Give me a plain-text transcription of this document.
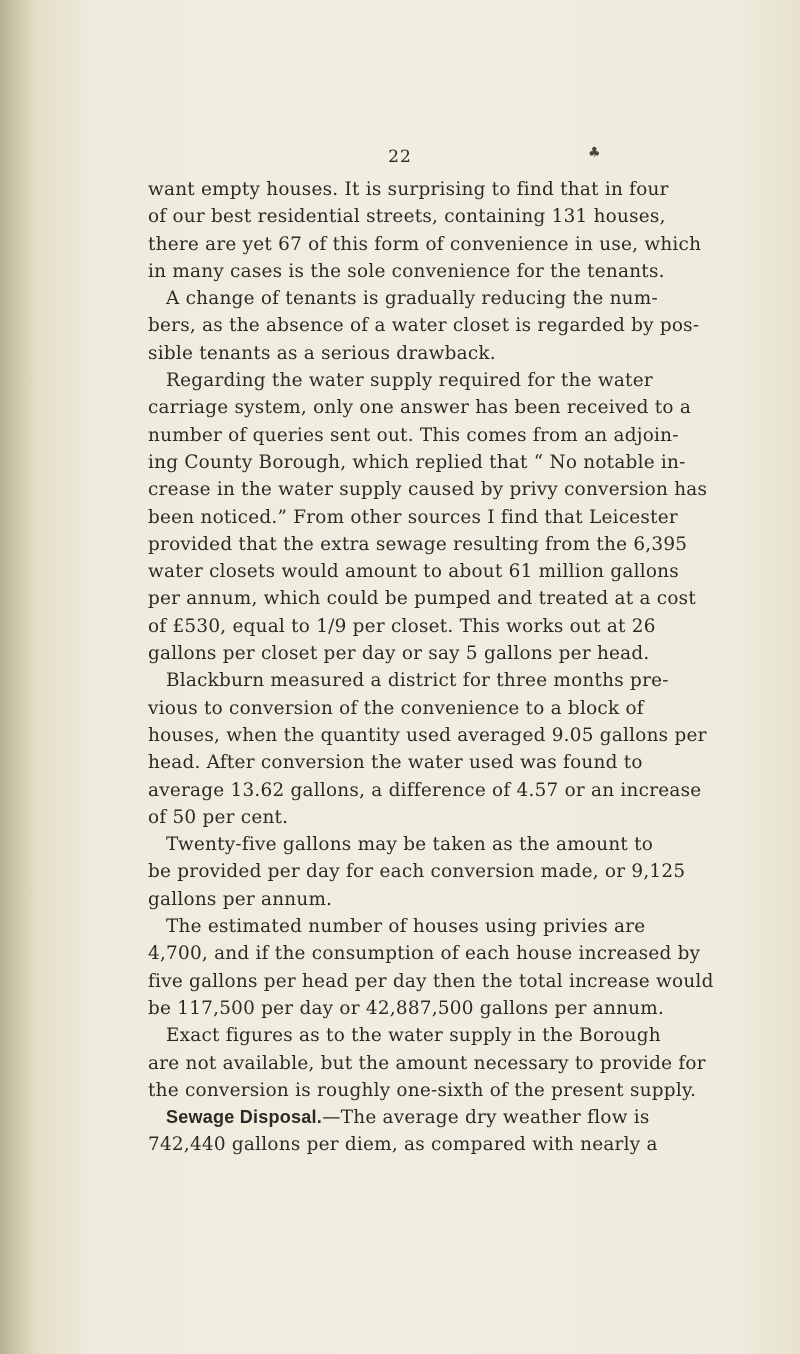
22	♣
want empty houses. It is surprising to find that in four
of our best residential streets, containing 131 houses,
there are yet 67 of this form of convenience in use, which
in many cases is the sole convenience for the tenants.
A change of tenants is gradually reducing the num-
bers, as the absence of a water closet is regarded by pos-
sible tenants as a serious drawback.
Regarding the water supply required for the water
carriage system, only one answer has been received to a
number of queries sent out. This comes from an adjoin-
ing County Borough, which replied that “ No notable in-
crease in the water supply caused by privy conversion has
been noticed.” From other sources I find that Leicester
provided that the extra sewage resulting from the 6,395
water closets would amount to about 61 million gallons
per annum, which could be pumped and treated at a cost
of £530, equal to 1/9 per closet. This works out at 26
gallons per closet per day or say 5 gallons per head.
Blackburn measured a district for three months pre-
vious to conversion of the convenience to a block of
houses, when the quantity used averaged 9.05 gallons per
head. After conversion the water used was found to
average 13.62 gallons, a difference of 4.57 or an increase
of 50 per cent.
Twenty-five gallons may be taken as the amount to
be provided per day for each conversion made, or 9,125
gallons per annum.
The estimated number of houses using privies are
4,700, and if the consumption of each house increased by
five gallons per head per day then the total increase would
be 117,500 per day or 42,887,500 gallons per annum.
Exact figures as to the water supply in the Borough
are not available, but the amount necessary to provide for
the conversion is roughly one-sixth of the present supply.
Sewage Disposal.—The average dry weather flow is
742,440 gallons per diem, as compared with nearly a
